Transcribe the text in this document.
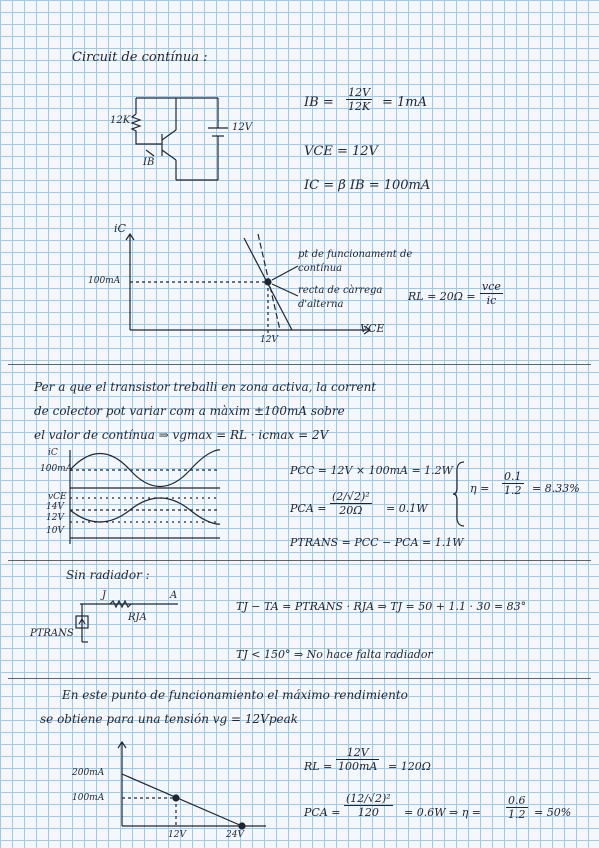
Circuit de contínua :
12K
12V
IB
IB = $\frac{12V}{12K} = 1mA$
VCE = 12V
IC = β IB = 100mA
iC
VCE
100mA
12V
pt de funcionament de contínua
recta de càrrega d'alterna
RL = 20Ω =
vce
ic
Per a que el transistor treballi en zona activa, la corrent
de colector pot variar com a màxim ±100mA sobre
el valor de contínua ⇒ vgmax = RL · icmax = 2V
iC
100mA
vCE
14V
12V
10V
PCC = 12V × 100mA = 1.2W
PCA = $\frac{\text{(2/√2)²}}{20\Omega} = 0.1W$
PTRANS = PCC − PCA = 1.1W
$\eta = \frac{0.1}{1.2} = 8.33\%$
Sin radiador :
J	A
RJA
PTRANS
TJ − TA = PTRANS · RJA ⇒ TJ = 50 + 1.1 · 30 = 83°
TJ < 150° ⇒ No hace falta radiador
En este punto de funcionamiento el máximo rendimiento
se obtiene para una tensión vg = 12Vpeak
200mA
100mA
12V	24V
RL = $\frac{12V}{100mA} = 120\Omega$
PCA = $\frac{\text{(12/√2)²}}{120} = 0.6W$ ⇒ $\eta = \frac{0.6}{1.2} = 50\%$
